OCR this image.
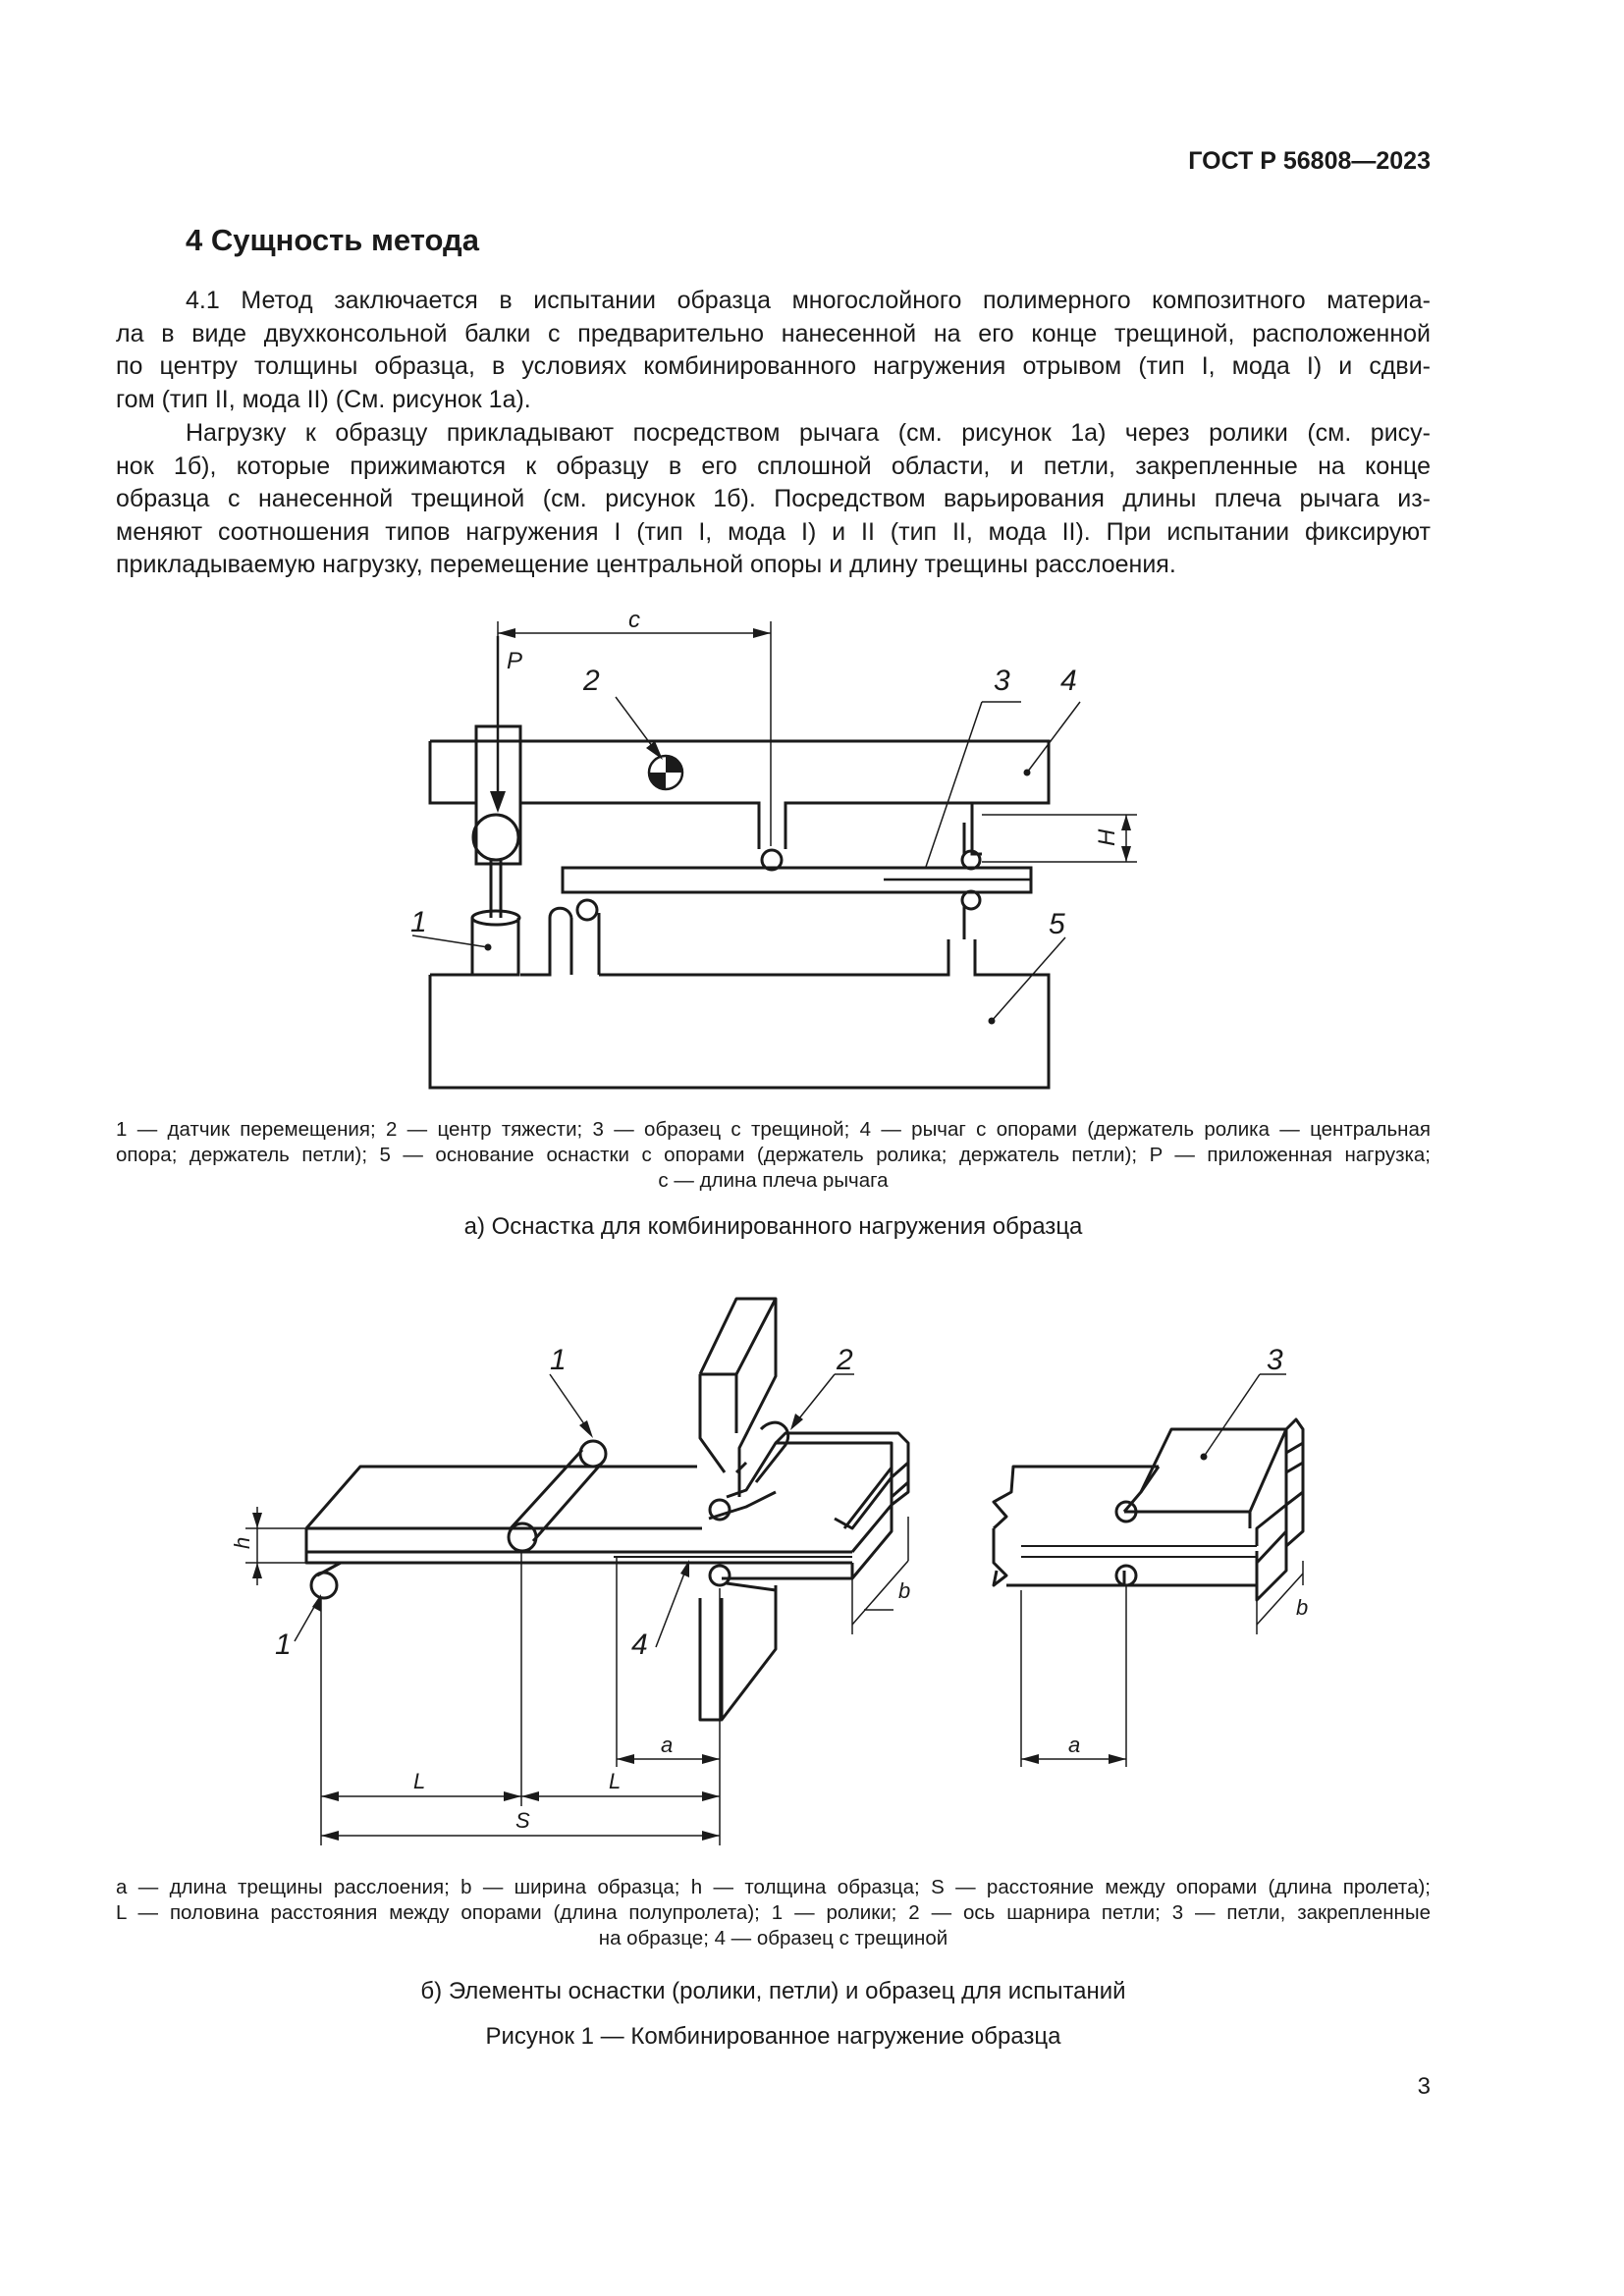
ГОСТ Р 56808—2023
4 Сущность метода

4.1 Метод заключается в испытании образца многослойного полимерного композитного материа-
ла в виде двухконсольной балки с предварительно нанесенной на его конце трещиной, расположенной
по центру толщины образца, в условиях комбинированного нагружения отрывом (тип I, мода I) и сдви-
гом (тип II, мода II) (См. рисунок 1а).

Нагрузку к образцу прикладывают посредством рычага (см. рисунок 1а) через ролики (см. рису-
нок 1б), которые прижимаются к образцу в его сплошной области, и петли, закрепленные на конце
образца с нанесенной трещиной (см. рисунок 1б). Посредством варьирования длины плеча рычага из-
меняют соотношения типов нагружения I (тип I, мода I) и II (тип II, мода II). При испытании фиксируют
прикладываемую нагрузку, перемещение центральной опоры и длину трещины расслоения.

c
P
2	3 4
1	5
H
1 — датчик перемещения; 2 — центр тяжести; 3 — образец с трещиной; 4 — рычаг с опорами (держатель ролика — центральная
опора; держатель петли); 5 — основание оснастки с опорами (держатель ролика; держатель петли); P — приложенная нагрузка;
c — длина плеча рычага
а) Оснастка для комбинированного нагружения образца
1	2	3
1	4
h
b
b
a	a
L	L
S
a — длина трещины расслоения; b — ширина образца; h — толщина образца; S — расстояние между опорами (длина пролета);
L — половина расстояния между опорами (длина полупролета); 1 — ролики; 2 — ось шарнира петли; 3 — петли, закрепленные
на образце; 4 — образец с трещиной
б) Элементы оснастки (ролики, петли) и образец для испытаний
Рисунок 1 — Комбинированное нагружение образца
3
